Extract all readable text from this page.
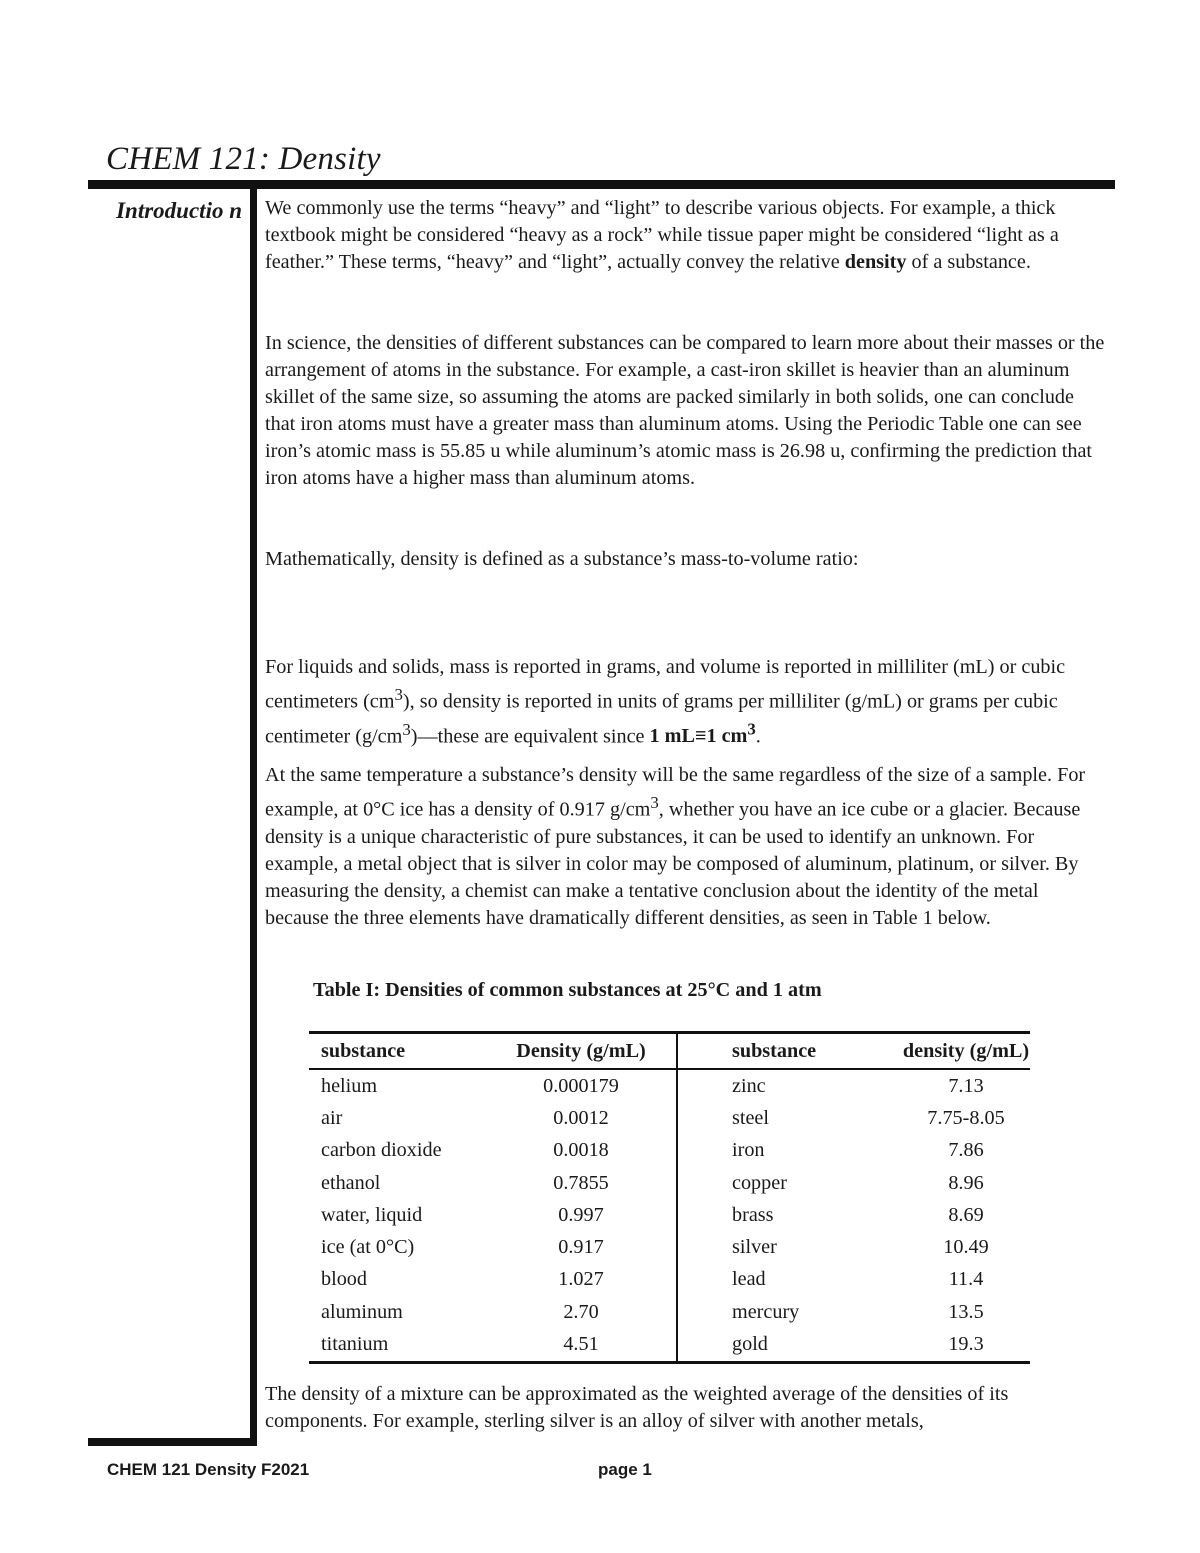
CHEM 121: Density
Introductio n We commonly use the terms “heavy” and “light” to describe various objects. For example, a thick textbook might be considered “heavy as a rock” while tissue paper might be considered “light as a feather.” These terms, “heavy” and “light”, actually convey the relative density of a substance.

In science, the densities of different substances can be compared to learn more about their masses or the arrangement of atoms in the substance. For example, a cast-iron skillet is heavier than an aluminum skillet of the same size, so assuming the atoms are packed similarly in both solids, one can conclude that iron atoms must have a greater mass than aluminum atoms. Using the Periodic Table one can see iron’s atomic mass is 55.85 u while aluminum’s atomic mass is 26.98 u, confirming the prediction that iron atoms have a higher mass than aluminum atoms.

Mathematically, density is defined as a substance’s mass-to-volume ratio:

For liquids and solids, mass is reported in grams, and volume is reported in milliliter (mL) or cubic centimeters $(cm^3)$, so density is reported in units of grams per milliliter (g/mL) or grams per cubic centimeter $(g/cm^3)—these$ are equivalent since 1 mL≡1 $cm^3$.

At the same temperature a substance’s density will be the same regardless of the size of a sample. For example, at 0°C ice has a density of 0.917 $g/cm^3$, whether you have an ice cube or a glacier. Because density is a unique characteristic of pure substances, it can be used to identify an unknown. For example, a metal object that is silver in color may be composed of aluminum, platinum, or silver. By measuring the density, a chemist can make a tentative conclusion about the identity of the metal because the three elements have dramatically different densities, as seen in Table 1 below.

Table I: Densities of common substances at 25°C and 1 atm
substance	Density (g/mL)	substance	density (g/mL)
helium	0.000179	zinc	7.13
air	0.0012	steel	7.75-8.05
carbon dioxide	0.0018	iron	7.86
ethanol	0.7855	copper	8.96
water, liquid	0.997	brass	8.69
ice (at 0°C)	0.917	silver	10.49
blood	1.027	lead	11.4
aluminum	2.70	mercury	13.5
titanium	4.51	gold	19.3

The density of a mixture can be approximated as the weighted average of the densities of its components. For example, sterling silver is an alloy of silver with another metals,

CHEM 121 Density F2021	page 1
